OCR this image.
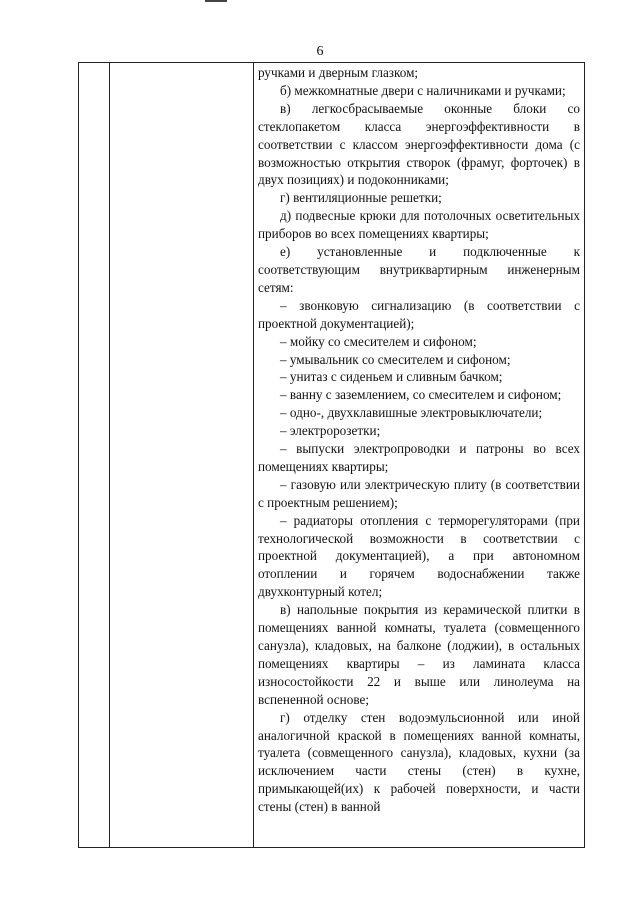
6

ручками и дверным глазком;

б) межкомнатные двери с наличниками и ручками;

в) легкосбрасываемые оконные блоки со стеклопакетом класса энергоэффективности в соответствии с классом энергоэффективности дома (с возможностью открытия створок (фрамуг, форточек) в двух позициях) и подоконниками;

г) вентиляционные решетки;

д) подвесные крюки для потолочных осветительных приборов во всех помещениях квартиры;

е) установленные и подключенные к соответствующим внутриквартирным инженерным сетям:

– звонковую сигнализацию (в соответствии с проектной документацией);

– мойку со смесителем и сифоном;

– умывальник со смесителем и сифоном;

– унитаз с сиденьем и сливным бачком;

– ванну с заземлением, со смесителем и сифоном;

– одно-, двухклавишные электровыключатели;

– электророзетки;

– выпуски электропроводки и патроны во всех помещениях квартиры;

– газовую или электрическую плиту (в соответствии с проектным решением);

– радиаторы отопления с терморегуляторами (при технологической возможности в соответствии с проектной документацией), а при автономном отоплении и горячем водоснабжении также двухконтурный котел;

в) напольные покрытия из керамической плитки в помещениях ванной комнаты, туалета (совмещенного санузла), кладовых, на балконе (лоджии), в остальных помещениях квартиры – из ламината класса износостойкости 22 и выше или линолеума на вспененной основе;

г) отделку стен водоэмульсионной или иной аналогичной краской в помещениях ванной комнаты, туалета (совмещенного санузла), кладовых, кухни (за исключением части стены (стен) в кухне, примыкающей(их) к рабочей поверхности, и части стены (стен) в ванной
